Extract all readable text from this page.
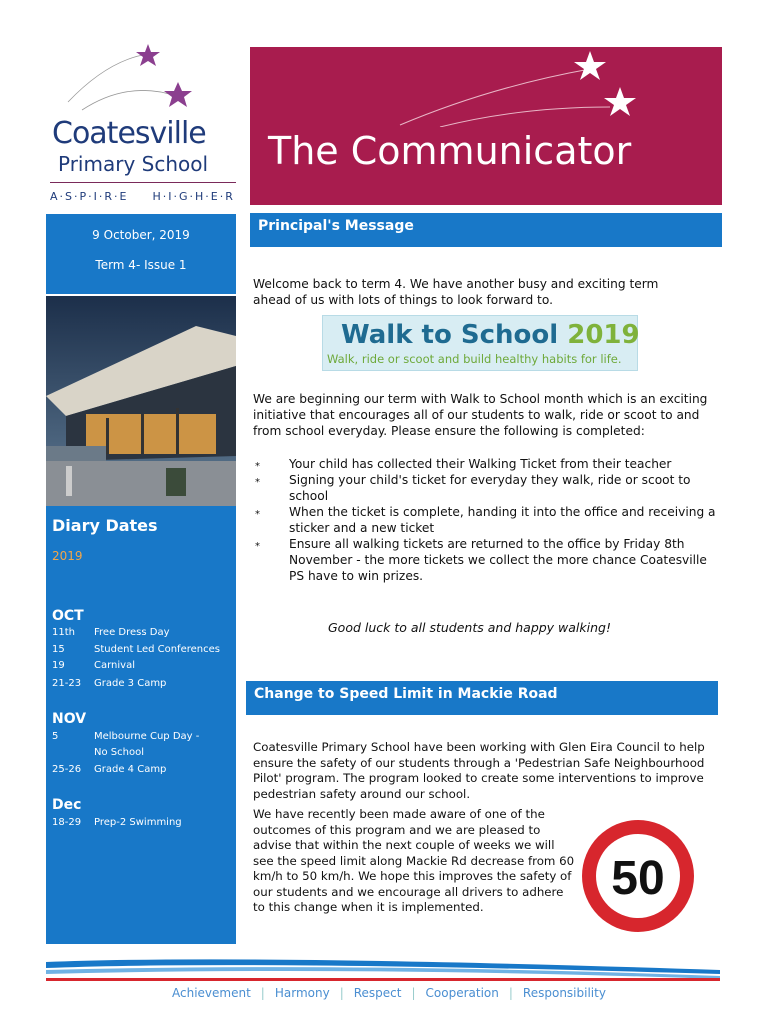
Coatesville
Primary School
A·S·P·I·R·E H·I·G·H·E·R
The Communicator
9 October, 2019
Term 4- Issue 1
Diary Dates
2019
OCT
11th Free Dress Day
15	Student Led Conferences
19	Carnival
21-23 Grade 3 Camp
NOV
5	Melbourne Cup Day -
No School
25-26 Grade 4 Camp
Dec
18-29 Prep-2 Swimming
Principal's Message
Welcome back to term 4. We have another busy and exciting term ahead of us with lots of things to look forward to.
Walk to School 2019
Walk, ride or scoot and build healthy habits for life.
We are beginning our term with Walk to School month which is an exciting initiative that encourages all of our students to walk, ride or scoot to and from school everyday. Please ensure the following is completed:
⁎ Your child has collected their Walking Ticket from their teacher
⁎ Signing your child's ticket for everyday they walk, ride or scoot to school
⁎ When the ticket is complete, handing it into the office and receiving a sticker and a new ticket
⁎ Ensure all walking tickets are returned to the office by Friday 8th November - the more tickets we collect the more chance Coatesville PS have to win prizes.
Good luck to all students and happy walking!
Change to Speed Limit in Mackie Road
Coatesville Primary School have been working with Glen Eira Council to help ensure the safety of our students through a 'Pedestrian Safe Neighbourhood Pilot' program. The program looked to create some interventions to improve pedestrian safety around our school.
We have recently been made aware of one of the outcomes of this program and we are pleased to advise that within the next couple of weeks we will see the speed limit along Mackie Rd decrease from 60 km/h to 50 km/h. We hope this improves the safety of our students and we encourage all drivers to adhere to this change when it is implemented.
50
Achievement | Harmony | Respect | Cooperation | Responsibility
